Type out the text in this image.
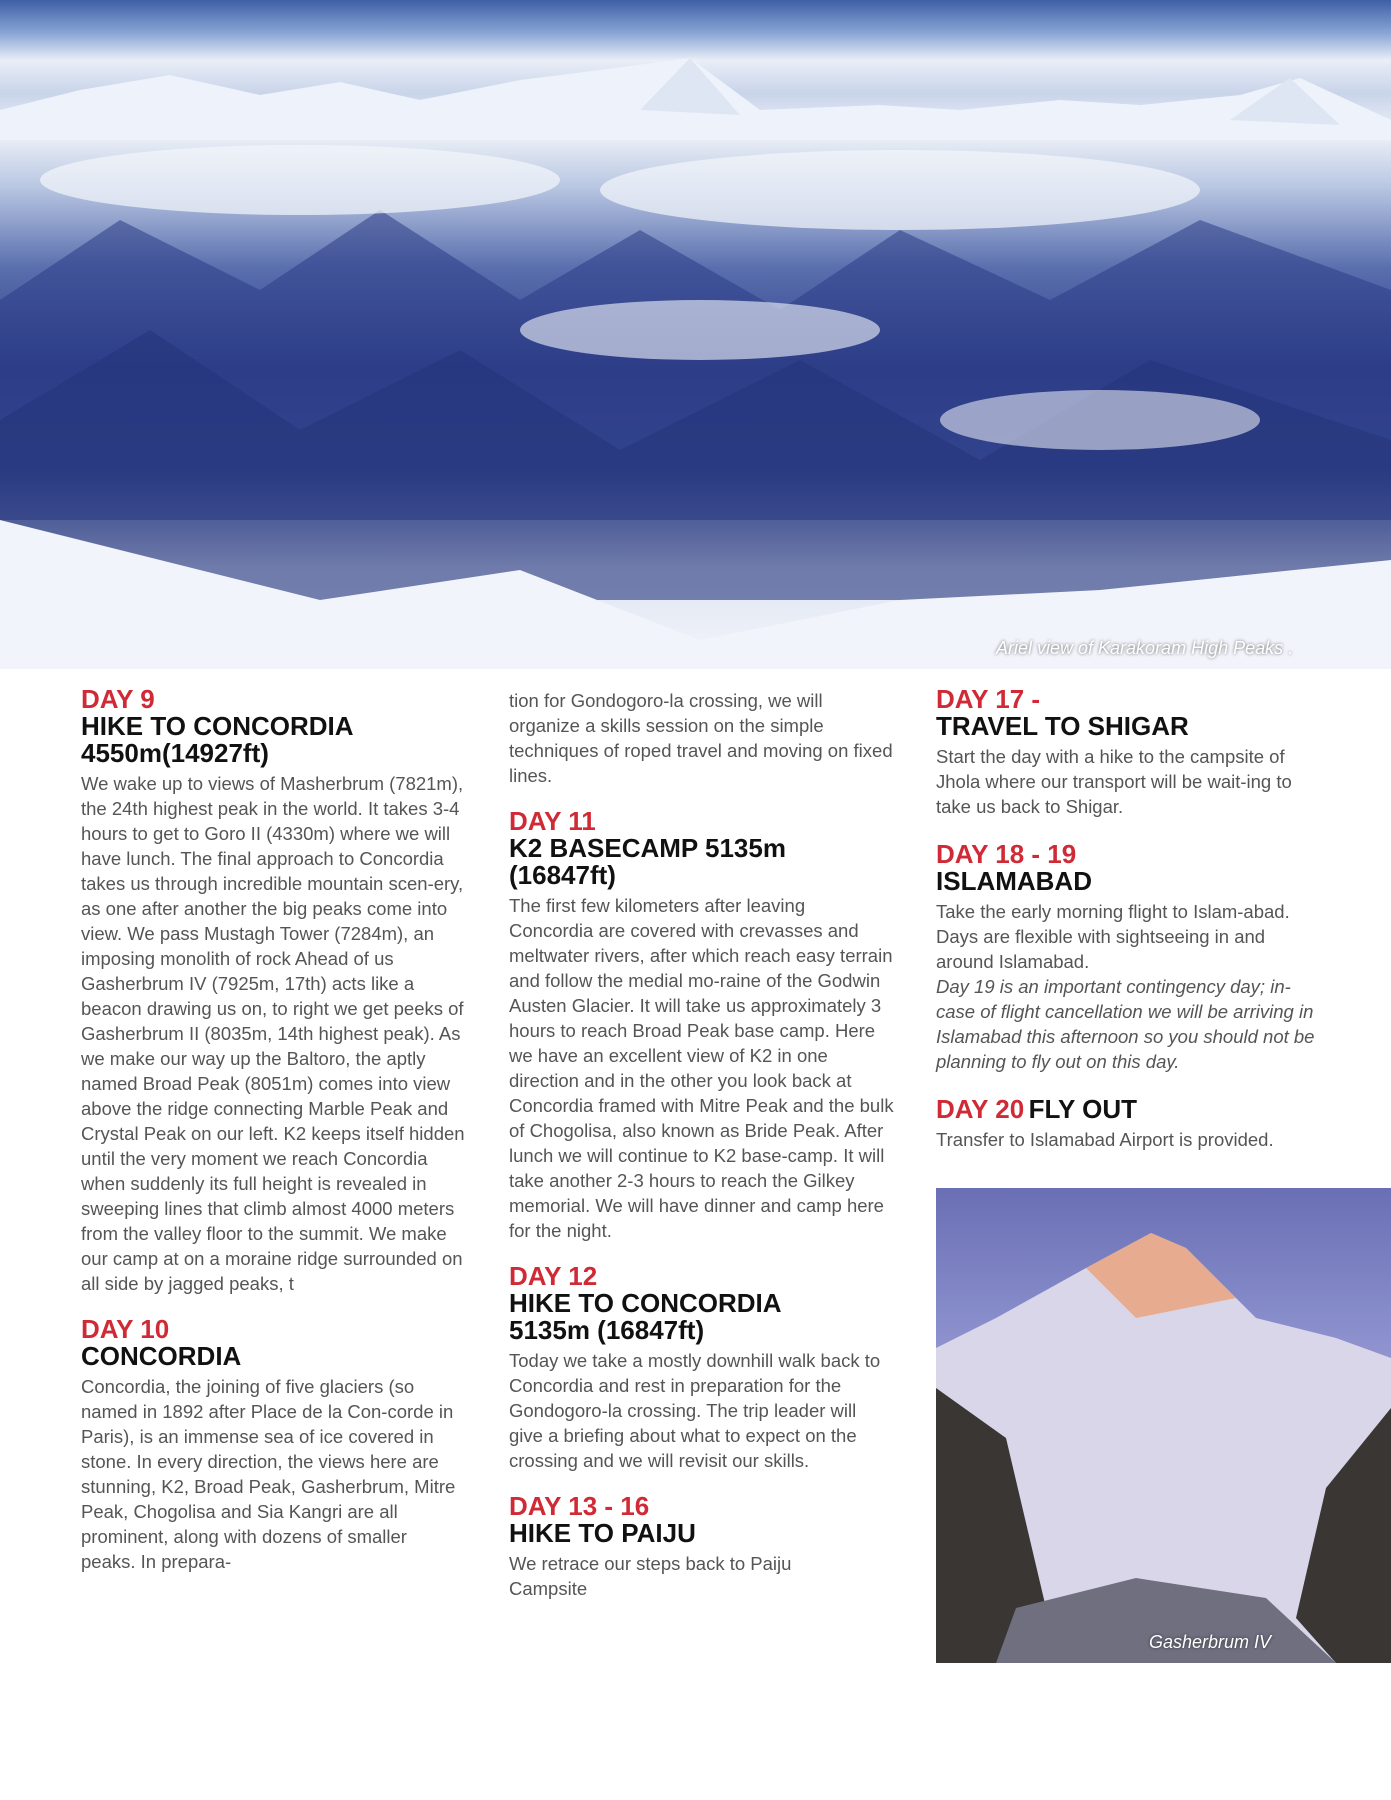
Ariel view of Karakoram High Peaks .
DAY 9
HIKE TO CONCORDIA 4550m(14927ft)
We wake up to views of Masherbrum (7821m), the 24th highest peak in the world. It takes 3-4 hours to get to Goro II (4330m) where we will have lunch. The final approach to Concordia takes us through incredible mountain scen-ery, as one after another the big peaks come into view. We pass Mustagh Tower (7284m), an imposing monolith of rock Ahead of us Gasherbrum IV (7925m, 17th) acts like a beacon drawing us on, to right we get peeks of Gasherbrum II (8035m, 14th highest peak). As we make our way up the Baltoro, the aptly named Broad Peak (8051m) comes into view above the ridge connecting Marble Peak and Crystal Peak on our left. K2 keeps itself hidden until the very moment we reach Concordia when suddenly its full height is revealed in sweeping lines that climb almost 4000 meters from the valley floor to the summit. We make our camp at on a moraine ridge surrounded on all side by jagged peaks, t
DAY 10
CONCORDIA
Concordia, the joining of five glaciers (so named in 1892 after Place de la Con-corde in Paris), is an immense sea of ice covered in stone. In every direction, the views here are stunning, K2, Broad Peak, Gasherbrum, Mitre Peak, Chogolisa and Sia Kangri are all prominent, along with dozens of smaller peaks. In prepara-
tion for Gondogoro-la crossing, we will organize a skills session on the simple techniques of roped travel and moving on fixed lines.
DAY 11
K2 BASECAMP 5135m (16847ft)
The first few kilometers after leaving Concordia are covered with crevasses and meltwater rivers, after which reach easy terrain and follow the medial mo-raine of the Godwin Austen Glacier. It will take us approximately 3 hours to reach Broad Peak base camp. Here we have an excellent view of K2 in one direction and in the other you look back at Concordia framed with Mitre Peak and the bulk of Chogolisa, also known as Bride Peak. After lunch we will continue to K2 base-camp. It will take another 2-3 hours to reach the Gilkey memorial. We will have dinner and camp here for the night.
DAY 12
HIKE TO CONCORDIA 5135m (16847ft)
Today we take a mostly downhill walk back to Concordia and rest in preparation for the Gondogoro-la crossing. The trip leader will give a briefing about what to expect on the crossing and we will revisit our skills.
DAY 13 - 16
HIKE TO PAIJU
We retrace our steps back to Paiju Campsite
DAY 17 -
TRAVEL TO SHIGAR
Start the day with a hike to the campsite of Jhola where our transport will be wait-ing to take us back to Shigar.
DAY 18 - 19
ISLAMABAD
Take the early morning flight to Islam-abad. Days are flexible with sightseeing in and around Islamabad.
Day 19 is an important contingency day; in-case of flight cancellation we will be arriving in Islamabad this afternoon so you should not be planning to fly out on this day.
DAY 20 FLY OUT
Transfer to Islamabad Airport is provided.
Gasherbrum IV
